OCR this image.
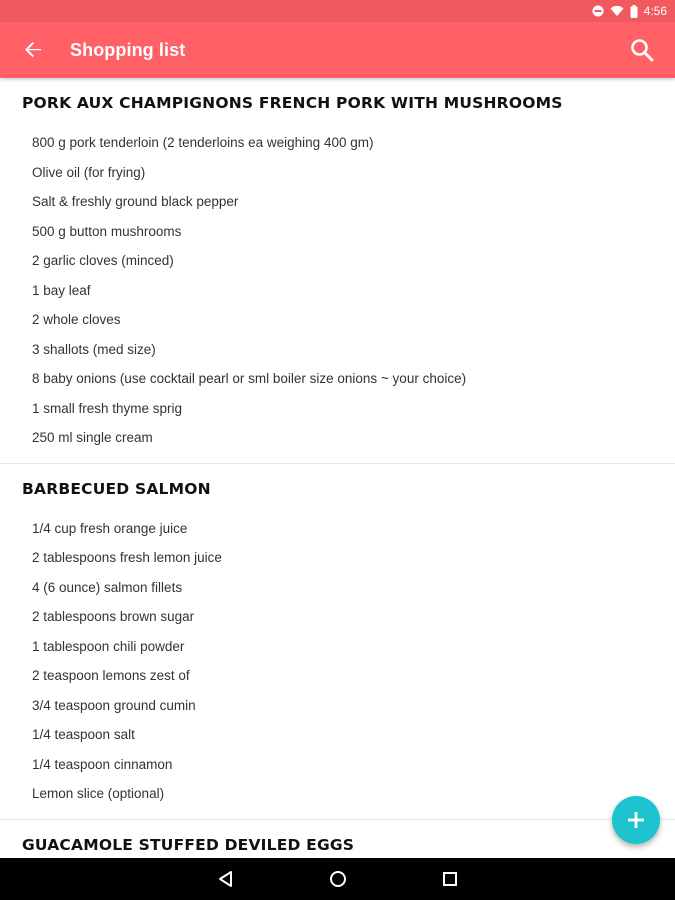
4:56
Shopping list
PORK AUX CHAMPIGNONS FRENCH PORK WITH MUSHROOMS
800 g pork tenderloin (2 tenderloins ea weighing 400 gm)
Olive oil (for frying)
Salt & freshly ground black pepper
500 g button mushrooms
2 garlic cloves (minced)
1 bay leaf
2 whole cloves
3 shallots (med size)
8 baby onions (use cocktail pearl or sml boiler size onions ~ your choice)
1 small fresh thyme sprig
250 ml single cream
BARBECUED SALMON
1/4 cup fresh orange juice
2 tablespoons fresh lemon juice
4 (6 ounce) salmon fillets
2 tablespoons brown sugar
1 tablespoon chili powder
2 teaspoon lemons zest of
3/4 teaspoon ground cumin
1/4 teaspoon salt
1/4 teaspoon cinnamon
Lemon slice (optional)
GUACAMOLE STUFFED DEVILED EGGS
